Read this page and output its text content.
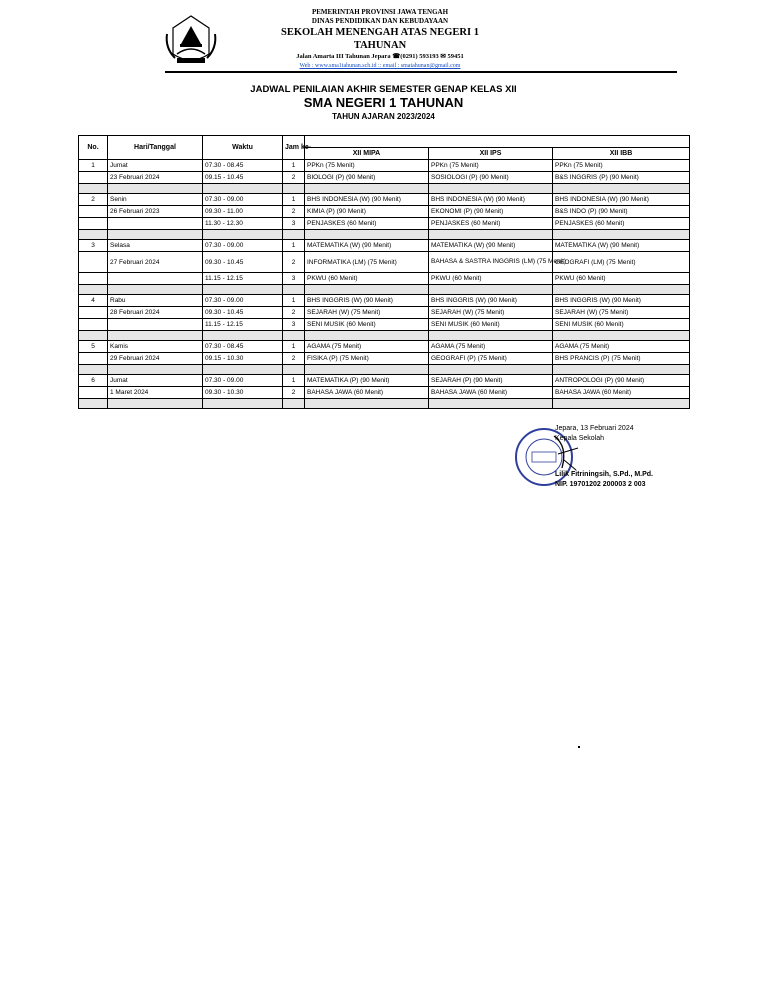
PEMERINTAH PROVINSI JAWA TENGAH
DINAS PENDIDIKAN DAN KEBUDAYAAN
SEKOLAH MENENGAH ATAS NEGERI 1
TAHUNAN
Jalan Amarta III Tahunan Jepara ☎(0291) 593193 ✉ 59451
Web : www.sma1tahunan.sch.id :: email : smatahunan@gmail.com
JADWAL PENILAIAN AKHIR SEMESTER GENAP KELAS XII
SMA NEGERI 1 TAHUNAN
TAHUN AJARAN 2023/2024
No.	Hari/Tanggal	Waktu	Jam ke-			
				XII MIPA	XII IPS	XII IBB
1	Jumat	07.30 - 08.45	1	PPKn (75 Menit)	PPKn (75 Menit)	PPKn (75 Menit)
	23 Februari 2024	09.15 - 10.45	2	BIOLOGI (P) (90 Menit)	SOSIOLOGI (P) (90 Menit)	B&S INGGRIS (P) (90 Menit)

2	Senin	07.30 - 09.00	1	BHS INDONESIA (W) (90 Menit)	BHS INDONESIA (W) (90 Menit)	BHS INDONESIA (W) (90 Menit)
	26 Februari 2023	09.30 - 11.00	2	KIMIA (P) (90 Menit)	EKONOMI (P) (90 Menit)	B&S INDO (P) (90 Menit)
		11.30 - 12.30	3	PENJASKES (60 Menit)	PENJASKES (60 Menit)	PENJASKES (60 Menit)

3	Selasa	07.30 - 09.00	1	MATEMATIKA (W) (90 Menit)	MATEMATIKA (W) (90 Menit)	MATEMATIKA (W) (90 Menit)
	27 Februari 2024	09.30 - 10.45	2	INFORMATIKA (LM) (75 Menit)	BAHASA & SASTRA INGGRIS (LM) (75 Menit)	GEOGRAFI (LM) (75 Menit)
		11.15 - 12.15	3	PKWU (60 Menit)	PKWU (60 Menit)	PKWU (60 Menit)

4	Rabu	07.30 - 09.00	1	BHS INGGRIS (W) (90 Menit)	BHS INGGRIS (W) (90 Menit)	BHS INGGRIS (W) (90 Menit)
	28 Februari 2024	09.30 - 10.45	2	SEJARAH (W) (75 Menit)	SEJARAH (W) (75 Menit)	SEJARAH (W) (75 Menit)
		11.15 - 12.15	3	SENI MUSIK (60 Menit)	SENI MUSIK (60 Menit)	SENI MUSIK (60 Menit)

5	Kamis	07.30 - 08.45	1	AGAMA (75 Menit)	AGAMA (75 Menit)	AGAMA (75 Menit)
	29 Februari 2024	09.15 - 10.30	2	FISIKA (P) (75 Menit)	GEOGRAFI (P) (75 Menit)	BHS PRANCIS (P) (75 Menit)

6	Jumat	07.30 - 09.00	1	MATEMATIKA (P) (90 Menit)	SEJARAH (P) (90 Menit)	ANTROPOLOGI (P) (90 Menit)
	1 Maret 2024	09.30 - 10.30	2	BAHASA JAWA (60 Menit)	BAHASA JAWA (60 Menit)	BAHASA JAWA (60 Menit)

Jepara, 13 Februari 2024
Kepala Sekolah
Lilik Fitriningsih, S.Pd., M.Pd.
NIP. 19701202 200003 2 003
